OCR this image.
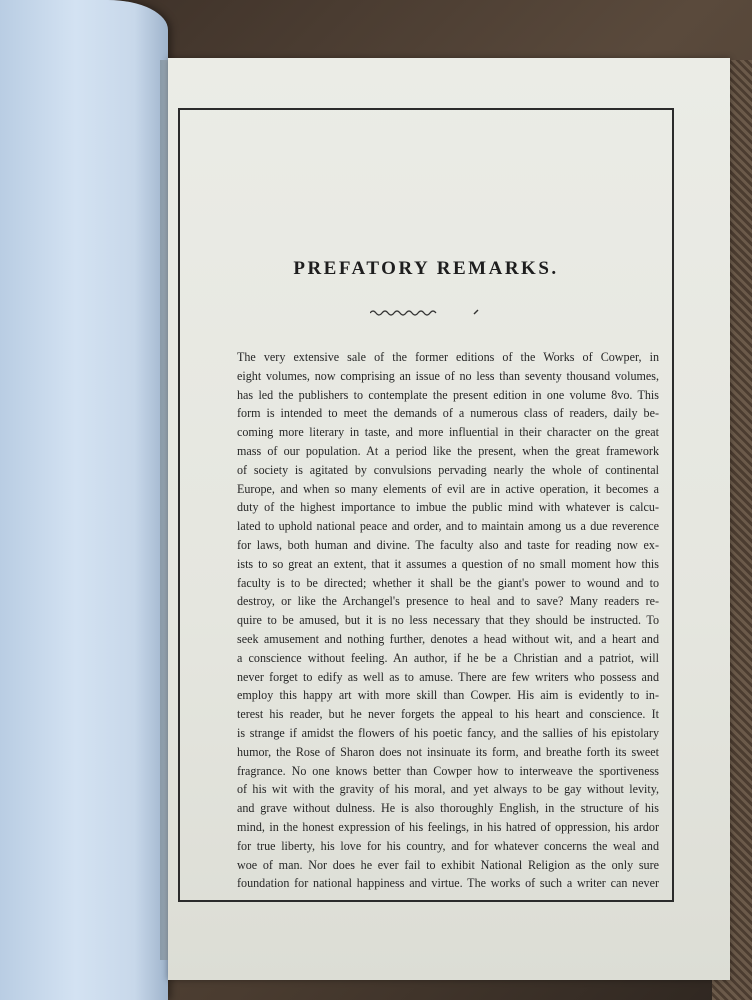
PREFATORY REMARKS.
The very extensive sale of the former editions of the Works of Cowper, in
eight volumes, now comprising an issue of no less than seventy thousand volumes,
has led the publishers to contemplate the present edition in one volume 8vo. This
form is intended to meet the demands of a numerous class of readers, daily be-
coming more literary in taste, and more influential in their character on the great
mass of our population. At a period like the present, when the great framework
of society is agitated by convulsions pervading nearly the whole of continental
Europe, and when so many elements of evil are in active operation, it becomes a
duty of the highest importance to imbue the public mind with whatever is calcu-
lated to uphold national peace and order, and to maintain among us a due reverence
for laws, both human and divine. The faculty also and taste for reading now ex-
ists to so great an extent, that it assumes a question of no small moment how this
faculty is to be directed; whether it shall be the giant's power to wound and to
destroy, or like the Archangel's presence to heal and to save? Many readers re-
quire to be amused, but it is no less necessary that they should be instructed. To
seek amusement and nothing further, denotes a head without wit, and a heart and
a conscience without feeling. An author, if he be a Christian and a patriot, will
never forget to edify as well as to amuse. There are few writers who possess and
employ this happy art with more skill than Cowper. His aim is evidently to in-
terest his reader, but he never forgets the appeal to his heart and conscience. It
is strange if amidst the flowers of his poetic fancy, and the sallies of his epistolary
humor, the Rose of Sharon does not insinuate its form, and breathe forth its sweet
fragrance. No one knows better than Cowper how to interweave the sportiveness
of his wit with the gravity of his moral, and yet always to be gay without levity,
and grave without dulness. He is also thoroughly English, in the structure of his
mind, in the honest expression of his feelings, in his hatred of oppression, his ardor
for true liberty, his love for his country, and for whatever concerns the weal and
woe of man. Nor does he ever fail to exhibit National Religion as the only sure
foundation for national happiness and virtue. The works of such a writer can never
